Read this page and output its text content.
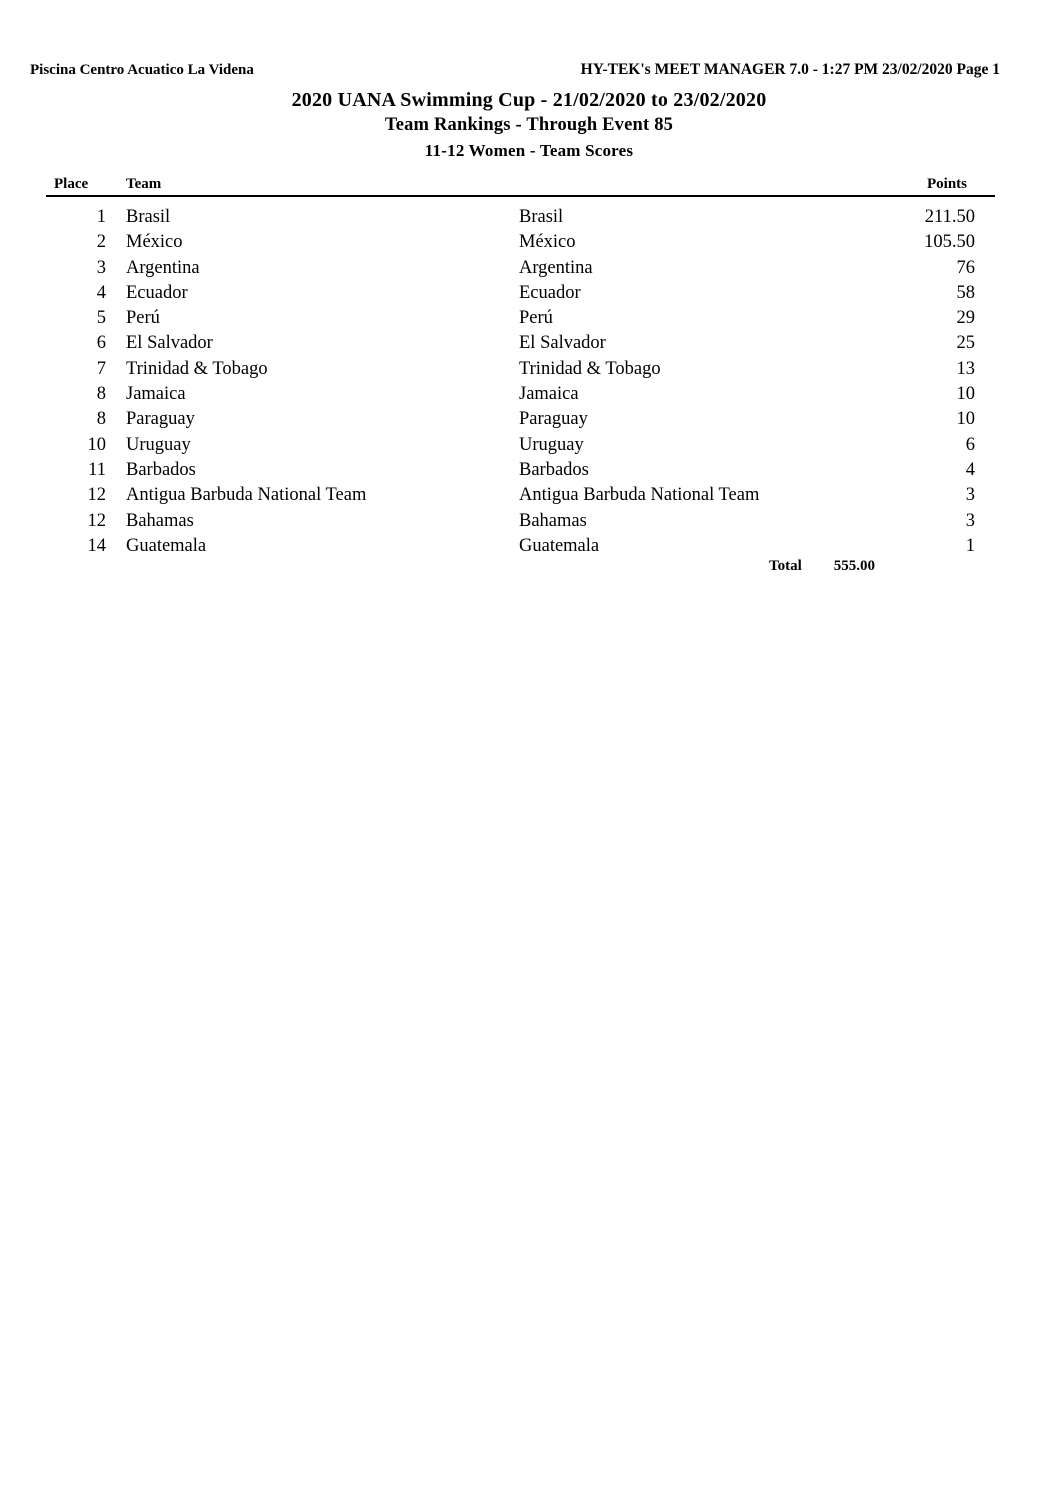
Piscina Centro Acuatico La Videna	HY-TEK's MEET MANAGER 7.0 - 1:27 PM 23/02/2020 Page 1
2020 UANA Swimming Cup - 21/02/2020 to 23/02/2020
Team Rankings - Through Event 85
11-12 Women - Team Scores
Place	Team	Points
1 Brasil	Brasil	211.50
2 México	México	105.50
3 Argentina	Argentina	76
4 Ecuador	Ecuador	58
5 Perú	Perú	29
6 El Salvador	El Salvador	25
7 Trinidad & Tobago	Trinidad & Tobago	13
8 Jamaica	Jamaica	10
8 Paraguay	Paraguay	10
10 Uruguay	Uruguay	6
11 Barbados	Barbados	4
12 Antigua Barbuda National Team	Antigua Barbuda National Team	3
12 Bahamas	Bahamas	3
14 Guatemala	Guatemala	1
Total	555.00
